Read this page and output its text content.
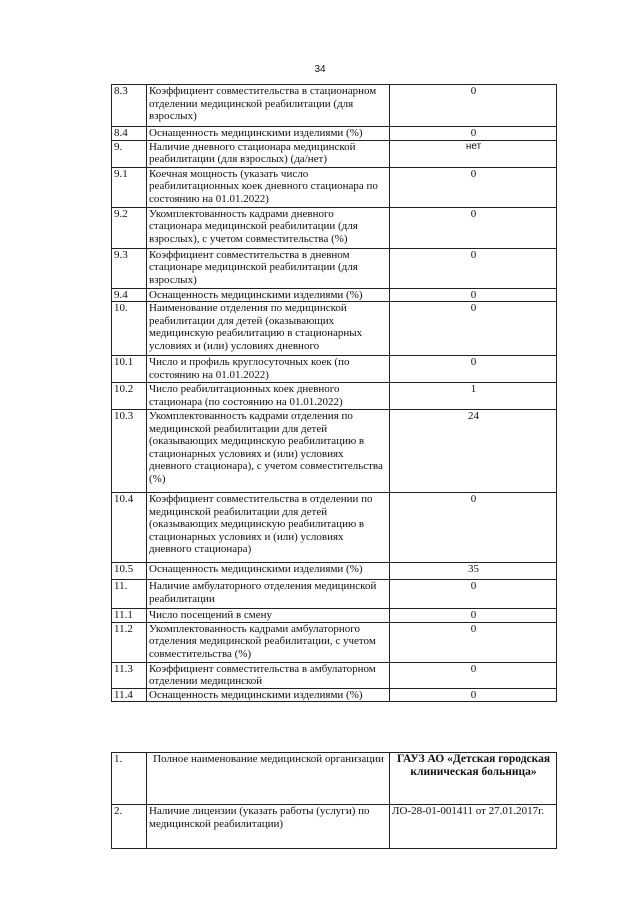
34
8.3	Коэффициент совместительства в стационарном отделении медицинской реабилитации (для взрослых)	0
8.4	Оснащенность медицинскими изделиями (%)	0
9.	Наличие дневного стационара медицинской реабилитации (для взрослых) (да/нет)	нет
9.1	Коечная мощность (указать число реабилитационных коек дневного стационара по состоянию на 01.01.2022)	0
9.2	Укомплектованность кадрами дневного стационара медицинской реабилитации (для взрослых), с учетом совместительства (%)	0
9.3	Коэффициент совместительства в дневном стационаре медицинской реабилитации (для взрослых)	0
9.4	Оснащенность медицинскими изделиями (%)	0
10.	Наименование отделения по медицинской реабилитации для детей (оказывающих медицинскую реабилитацию в стационарных условиях и (или) условиях дневного	0
10.1	Число и профиль круглосуточных коек (по состоянию на 01.01.2022)	0
10.2	Число реабилитационных коек дневного стационара (по состоянию на 01.01.2022)	1
10.3	Укомплектованность кадрами отделения по медицинской реабилитации для детей (оказывающих медицинскую реабилитацию в стационарных условиях и (или) условиях дневного стационара), с учетом совместительства (%)	24
10.4	Коэффициент совместительства в отделении по медицинской реабилитации для детей (оказывающих медицинскую реабилитацию в стационарных условиях и (или) условиях дневного стационара)	0
10.5	Оснащенность медицинскими изделиями (%)	35
11.	Наличие амбулаторного отделения медицинской реабилитации	0
11.1	Число посещений в смену	0
11.2	Укомплектованность кадрами амбулаторного отделения медицинской реабилитации, с учетом совместительства (%)	0
11.3	Коэффициент совместительства в амбулаторном отделении медицинской	0
11.4	Оснащенность медицинскими изделиями (%)	0
1.	Полное наименование медицинской организации	ГАУЗ АО «Детская городская клиническая больница»
2.	Наличие лицензии (указать работы (услуги) по медицинской реабилитации)	ЛО-28-01-001411 от 27.01.2017г.
